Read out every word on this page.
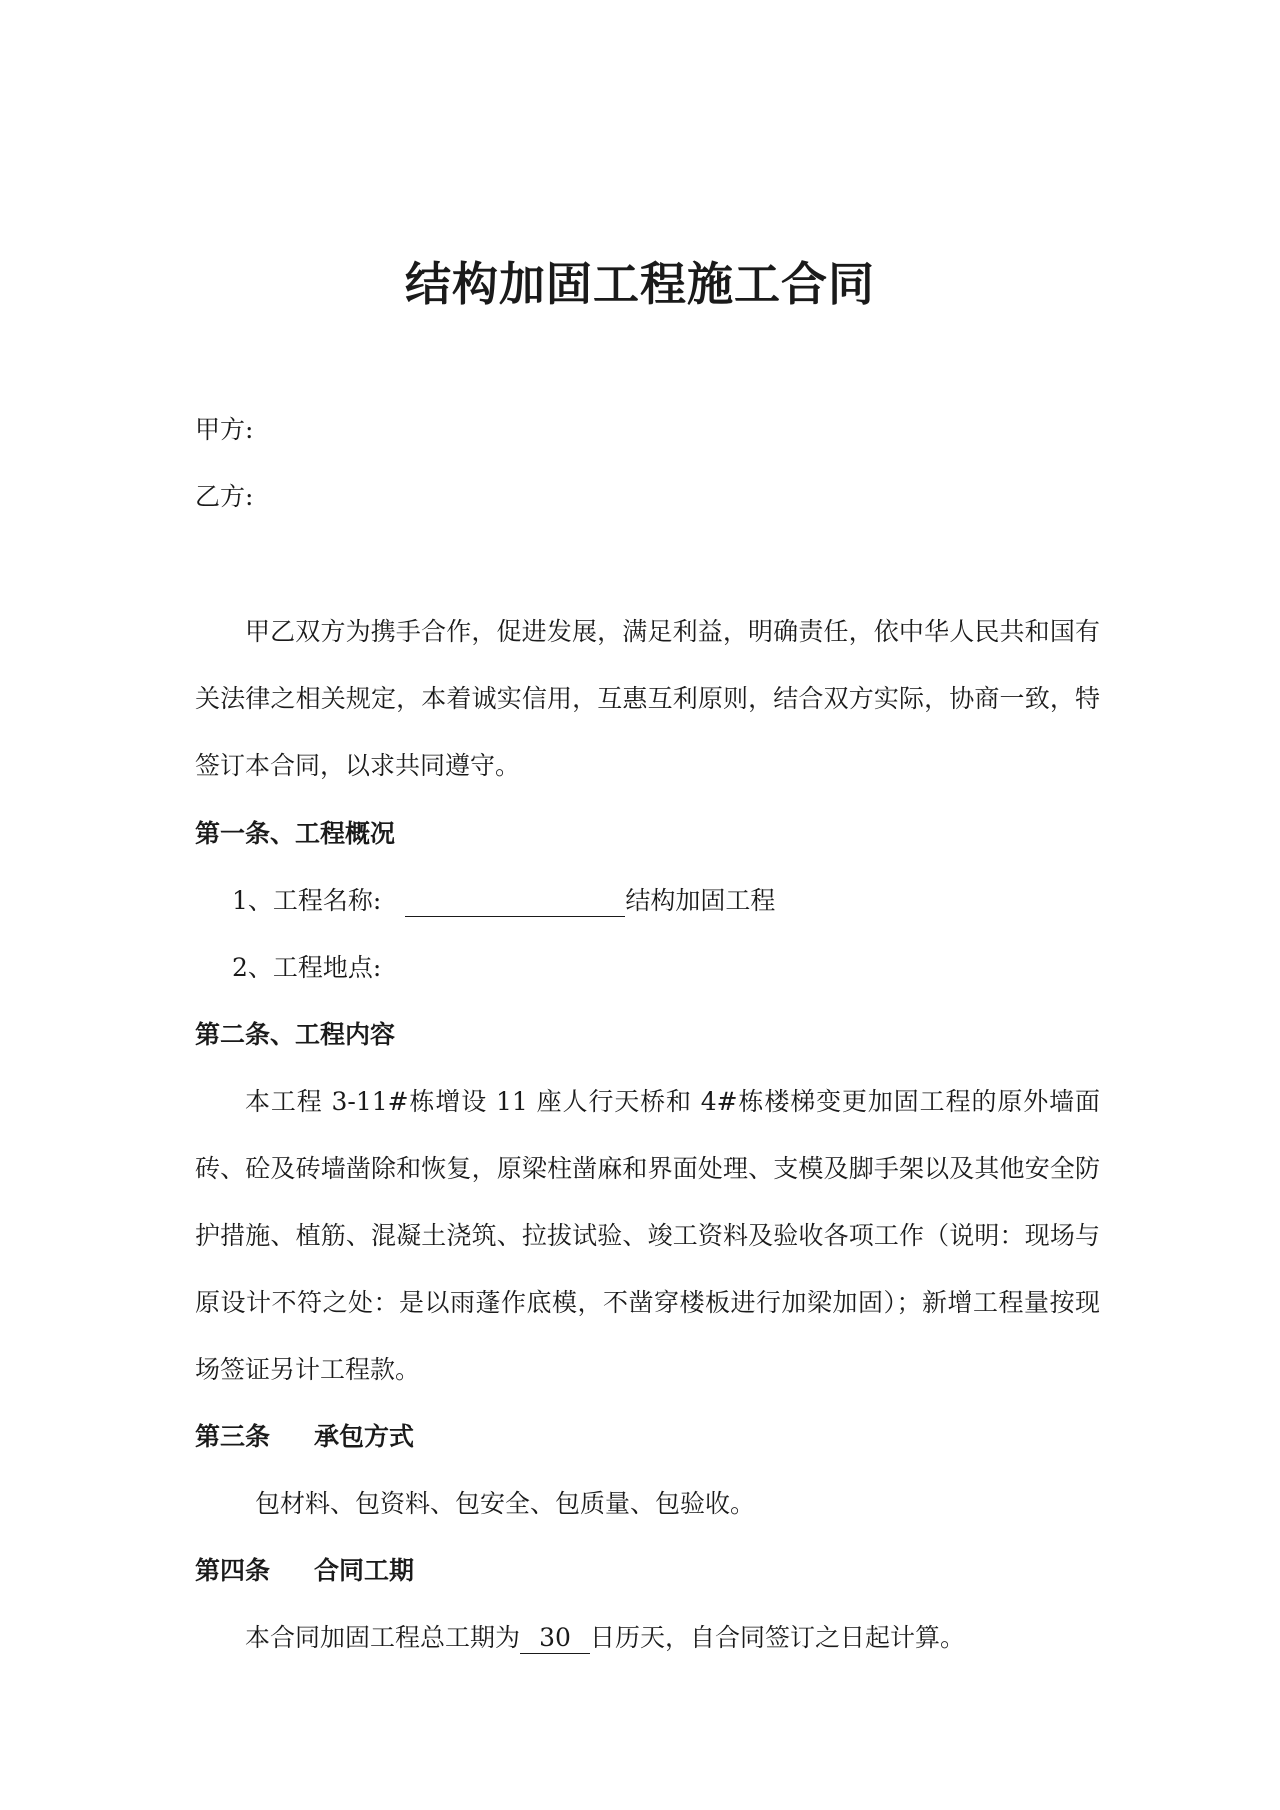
结构加固工程施工合同
甲方:
乙方:
甲乙双方为携手合作，促进发展，满足利益，明确责任，依中华人民共和国有关法律之相关规定，本着诚实信用，互惠互利原则，结合双方实际，协商一致，特签订本合同，以求共同遵守。
第一条、工程概况
1、工程名称:	结构加固工程
2、工程地点:
第二条、工程内容
本工程 3-11#栋增设 11 座人行天桥和 4#栋楼梯变更加固工程的原外墙面砖、砼及砖墙凿除和恢复，原梁柱凿麻和界面处理、支模及脚手架以及其他安全防护措施、植筋、混凝土浇筑、拉拔试验、竣工资料及验收各项工作（说明：现场与原设计不符之处：是以雨蓬作底模，不凿穿楼板进行加梁加固）；新增工程量按现场签证另计工程款。
第三条 承包方式
包材料、包资料、包安全、包质量、包验收。
第四条 合同工期
本合同加固工程总工期为 30 日历天，自合同签订之日起计算。
